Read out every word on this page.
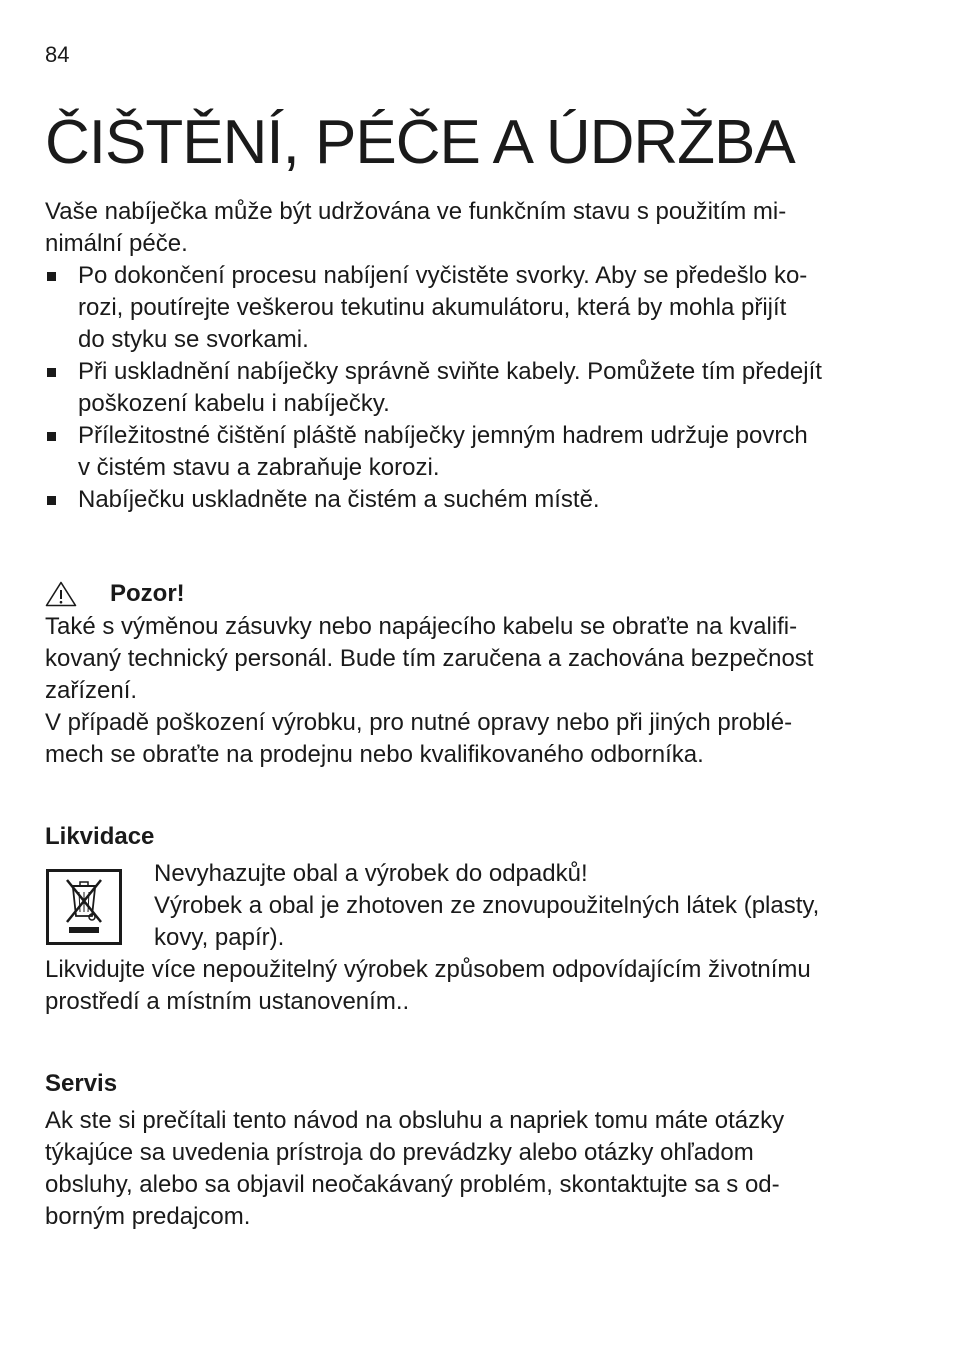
84
ČIŠTĚNÍ, PÉČE A ÚDRŽBA

Vaše nabíječka může být udržována ve funkčním stavu s použitím mi-
nimální péče.

Po dokončení procesu nabíjení vyčistěte svorky. Aby se předešlo ko-
rozi, poutírejte veškerou tekutinu akumulátoru, která by mohla přijít
do styku se svorkami.
Při uskladnění nabíječky správně sviňte kabely. Pomůžete tím předejít
poškození kabelu i nabíječky.
Příležitostné čištění pláště nabíječky jemným hadrem udržuje povrch
v čistém stavu a zabraňuje korozi.
Nabíječku uskladněte na čistém a suchém místě.
Pozor!

Také s výměnou zásuvky nebo napájecího kabelu se obraťte na kvalifi-
kovaný technický personál. Bude tím zaručena a zachována bezpečnost
zařízení.
V případě poškození výrobku, pro nutné opravy nebo při jiných problé-
mech se obraťte na prodejnu nebo kvalifikovaného odborníka.

Likvidace

Nevyhazujte obal a výrobek do odpadků!
Výrobek a obal je zhotoven ze znovupoužitelných látek (plasty,
kovy, papír).

Likvidujte více nepoužitelný výrobek způsobem odpovídajícím životnímu
prostředí a místním ustanovením..

Servis

Ak ste si prečítali tento návod na obsluhu a napriek tomu máte otázky
týkajúce sa uvedenia prístroja do prevádzky alebo otázky ohľadom
obsluhy, alebo sa objavil neočakávaný problém, skontaktujte sa s od-
borným predajcom.
